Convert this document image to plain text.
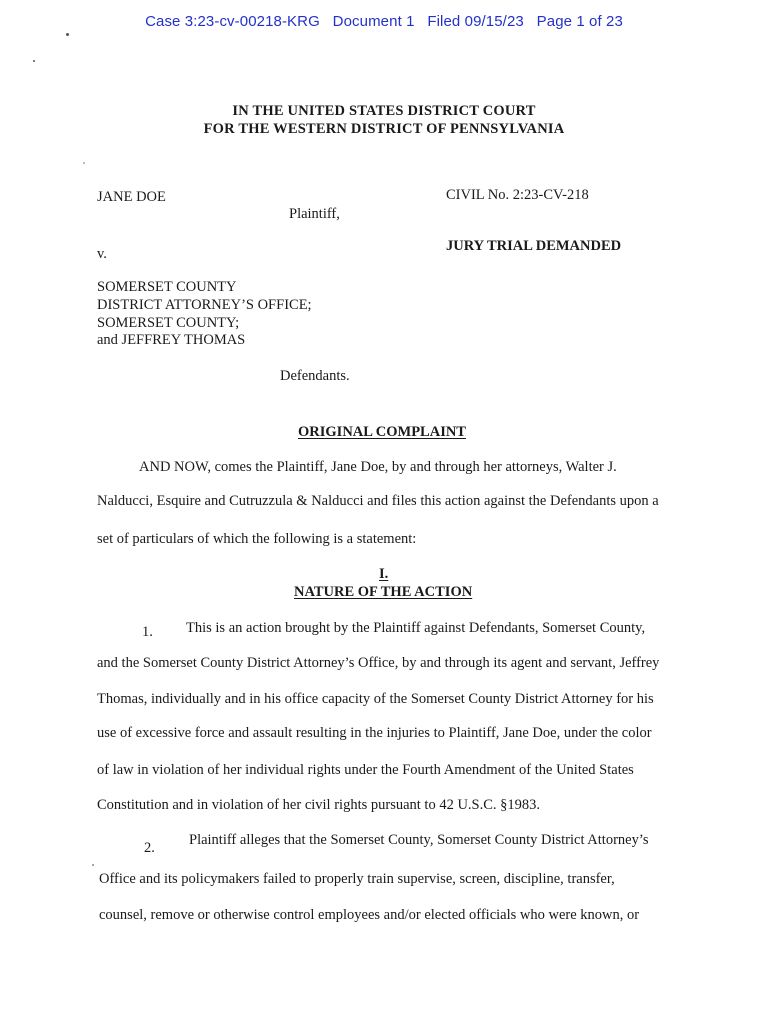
Case 3:23-cv-00218-KRG Document 1 Filed 09/15/23 Page 1 of 23
IN THE UNITED STATES DISTRICT COURT
FOR THE WESTERN DISTRICT OF PENNSYLVANIA
JANE DOE	CIVIL No. 2:23-CV-218
Plaintiff,
v.	JURY TRIAL DEMANDED
SOMERSET COUNTY
DISTRICT ATTORNEY’S OFFICE;
SOMERSET COUNTY;
and JEFFREY THOMAS
Defendants.
ORIGINAL COMPLAINT
AND NOW, comes the Plaintiff, Jane Doe, by and through her attorneys, Walter J.
Nalducci, Esquire and Cutruzzula & Nalducci and files this action against the Defendants upon a
set of particulars of which the following is a statement:
I.
NATURE OF THE ACTION
1. This is an action brought by the Plaintiff against Defendants, Somerset County,
and the Somerset County District Attorney’s Office, by and through its agent and servant, Jeffrey
Thomas, individually and in his office capacity of the Somerset County District Attorney for his
use of excessive force and assault resulting in the injuries to Plaintiff, Jane Doe, under the color
of law in violation of her individual rights under the Fourth Amendment of the United States
Constitution and in violation of her civil rights pursuant to 42 U.S.C. §1983.
2. Plaintiff alleges that the Somerset County, Somerset County District Attorney’s
Office and its policymakers failed to properly train supervise, screen, discipline, transfer,
counsel, remove or otherwise control employees and/or elected officials who were known, or
